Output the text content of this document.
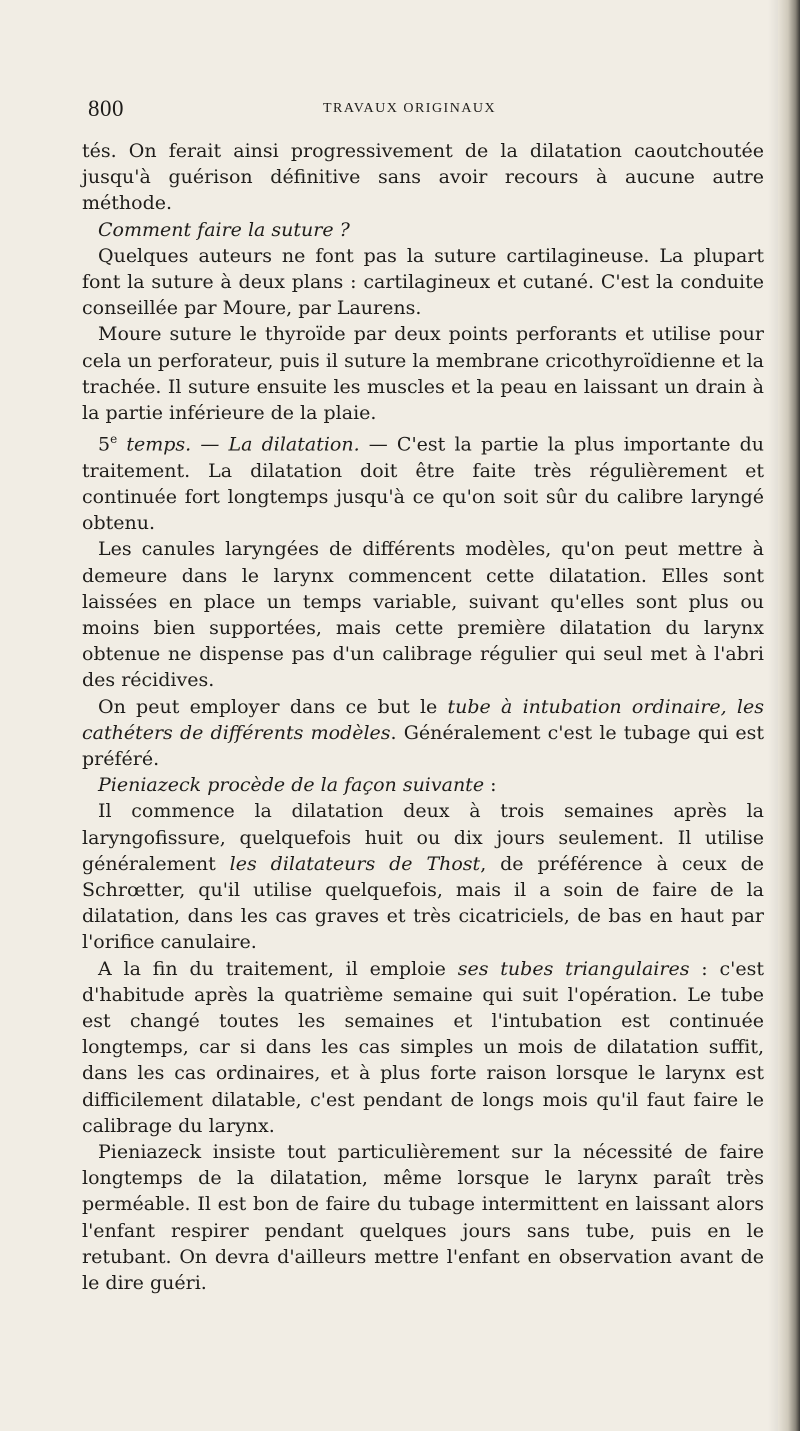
800	TRAVAUX ORIGINAUX

tés. On ferait ainsi progressivement de la dilatation caoutchoutée jusqu'à guérison définitive sans avoir recours à aucune autre méthode.

Comment faire la suture ?

Quelques auteurs ne font pas la suture cartilagineuse. La plupart font la suture à deux plans : cartilagineux et cutané. C'est la conduite conseillée par Moure, par Laurens.

Moure suture le thyroïde par deux points perforants et utilise pour cela un perforateur, puis il suture la membrane cricothyroïdienne et la trachée. Il suture ensuite les muscles et la peau en laissant un drain à la partie inférieure de la plaie.

5e temps. — La dilatation. — C'est la partie la plus importante du traitement. La dilatation doit être faite très régulièrement et continuée fort longtemps jusqu'à ce qu'on soit sûr du calibre laryngé obtenu.

Les canules laryngées de différents modèles, qu'on peut mettre à demeure dans le larynx commencent cette dilatation. Elles sont laissées en place un temps variable, suivant qu'elles sont plus ou moins bien supportées, mais cette première dilatation du larynx obtenue ne dispense pas d'un calibrage régulier qui seul met à l'abri des récidives.

On peut employer dans ce but le tube à intubation ordinaire, les cathéters de différents modèles. Généralement c'est le tubage qui est préféré.

Pieniazeck procède de la façon suivante :

Il commence la dilatation deux à trois semaines après la laryngofissure, quelquefois huit ou dix jours seulement. Il utilise généralement les dilatateurs de Thost, de préférence à ceux de Schrœtter, qu'il utilise quelquefois, mais il a soin de faire de la dilatation, dans les cas graves et très cicatriciels, de bas en haut par l'orifice canulaire.

A la fin du traitement, il emploie ses tubes triangulaires : c'est d'habitude après la quatrième semaine qui suit l'opération. Le tube est changé toutes les semaines et l'intubation est continuée longtemps, car si dans les cas simples un mois de dilatation suffit, dans les cas ordinaires, et à plus forte raison lorsque le larynx est difficilement dilatable, c'est pendant de longs mois qu'il faut faire le calibrage du larynx.

Pieniazeck insiste tout particulièrement sur la nécessité de faire longtemps de la dilatation, même lorsque le larynx paraît très perméable. Il est bon de faire du tubage intermittent en laissant alors l'enfant respirer pendant quelques jours sans tube, puis en le retubant. On devra d'ailleurs mettre l'enfant en observation avant de le dire guéri.
